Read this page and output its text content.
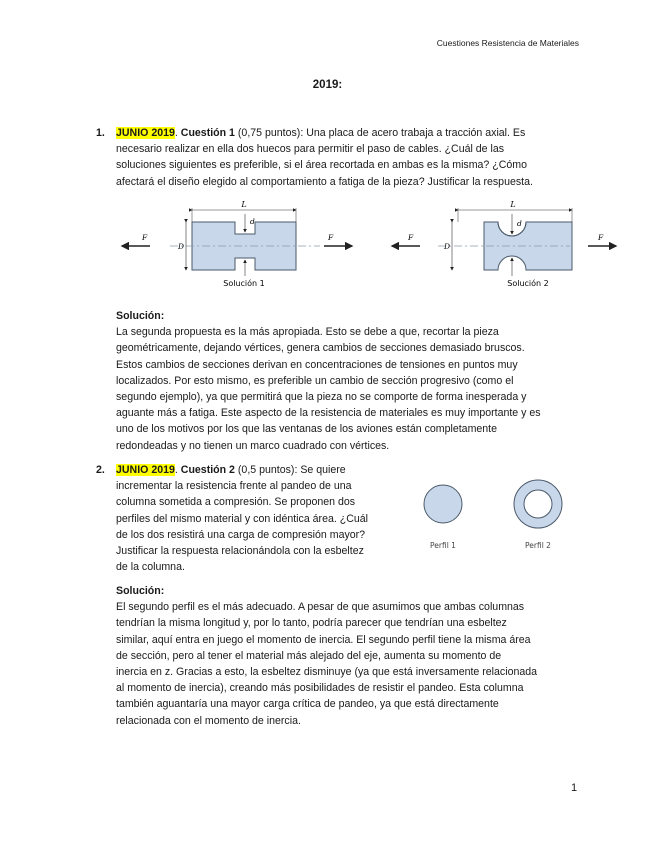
Cuestiones Resistencia de Materiales
2019:
1. JUNIO 2019. Cuestión 1 (0,75 puntos): Una placa de acero trabaja a tracción axial. Es
necesario realizar en ella dos huecos para permitir el paso de cables. ¿Cuál de las
soluciones siguientes es preferible, si el área recortada en ambas es la misma? ¿Cómo
afectará el diseño elegido al comportamiento a fatiga de la pieza? Justificar la respuesta.
L
d
D
F	F
Solución 1
L
d
D
F	F
Solución 2
Solución:
La segunda propuesta es la más apropiada. Esto se debe a que, recortar la pieza
geométricamente, dejando vértices, genera cambios de secciones demasiado bruscos.
Estos cambios de secciones derivan en concentraciones de tensiones en puntos muy
localizados. Por esto mismo, es preferible un cambio de sección progresivo (como el
segundo ejemplo), ya que permitirá que la pieza no se comporte de forma inesperada y
aguante más a fatiga. Este aspecto de la resistencia de materiales es muy importante y es
uno de los motivos por los que las ventanas de los aviones están completamente
redondeadas y no tienen un marco cuadrado con vértices.
2. JUNIO 2019. Cuestión 2 (0,5 puntos): Se quiere
incrementar la resistencia frente al pandeo de una
columna sometida a compresión. Se proponen dos
perfiles del mismo material y con idéntica área. ¿Cuál
de los dos resistirá una carga de compresión mayor?
Justificar la respuesta relacionándola con la esbeltez
de la columna.
Perfil 1	Perfil 2
Solución:
El segundo perfil es el más adecuado. A pesar de que asumimos que ambas columnas
tendrían la misma longitud y, por lo tanto, podría parecer que tendrían una esbeltez
similar, aquí entra en juego el momento de inercia. El segundo perfil tiene la misma área
de sección, pero al tener el material más alejado del eje, aumenta su momento de
inercia en z. Gracias a esto, la esbeltez disminuye (ya que está inversamente relacionada
al momento de inercia), creando más posibilidades de resistir el pandeo. Esta columna
también aguantaría una mayor carga crítica de pandeo, ya que está directamente
relacionada con el momento de inercia.
1
